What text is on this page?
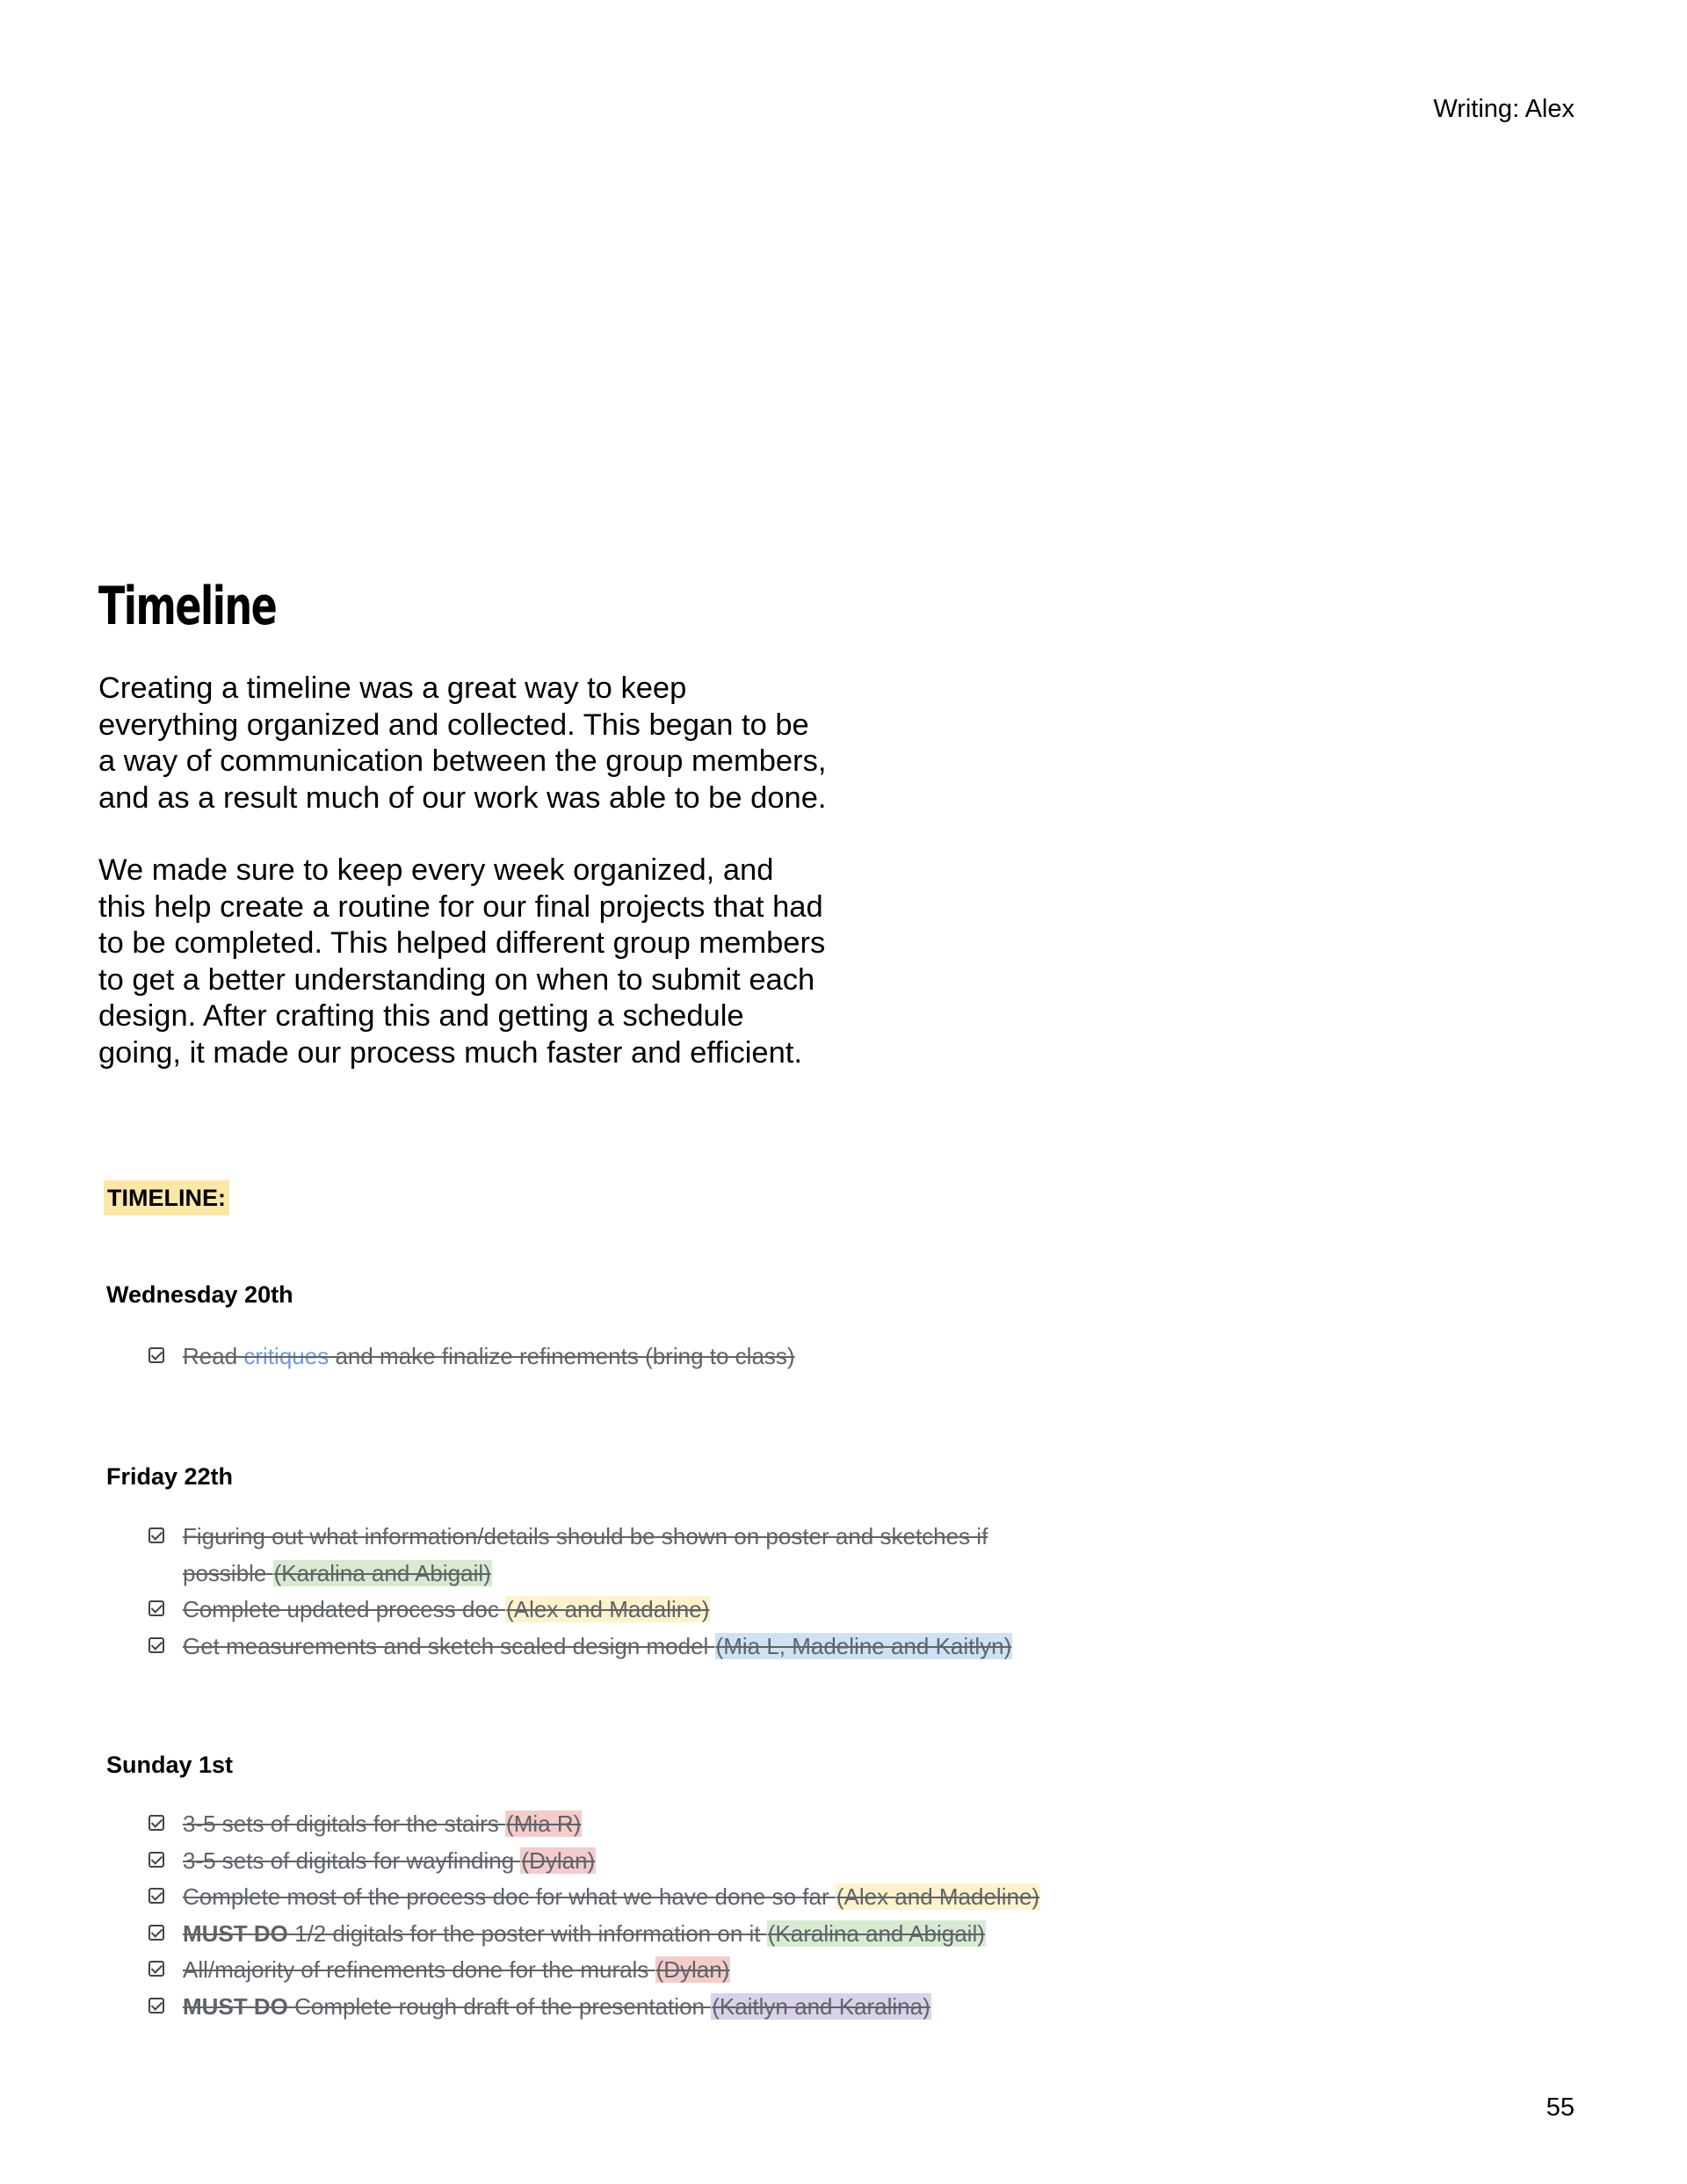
Writing: Alex
Timeline

Creating a timeline was a great way to keep everything organized and collected. This began to be a way of communication between the group members, and as a result much of our work was able to be done.

We made sure to keep every week organized, and this help create a routine for our final projects that had to be completed. This helped different group members to get a better understanding on when to submit each design. After crafting this and getting a schedule going, it made our process much faster and efficient.

TIMELINE:
Wednesday 20th
Read critiques and make finalize refinements (bring to class)
Friday 22th
Figuring out what information/details should be shown on poster and sketches if possible (Karalina and Abigail)
Complete updated process doc (Alex and Madaline)
Get measurements and sketch scaled design model (Mia L, Madeline and Kaitlyn)
Sunday 1st
3-5 sets of digitals for the stairs (Mia R)
3-5 sets of digitals for wayfinding (Dylan)
Complete most of the process doc for what we have done so far (Alex and Madeline)
MUST DO 1/2 digitals for the poster with information on it (Karalina and Abigail)
All/majority of refinements done for the murals (Dylan)
MUST DO Complete rough draft of the presentation (Kaitlyn and Karalina)
55
